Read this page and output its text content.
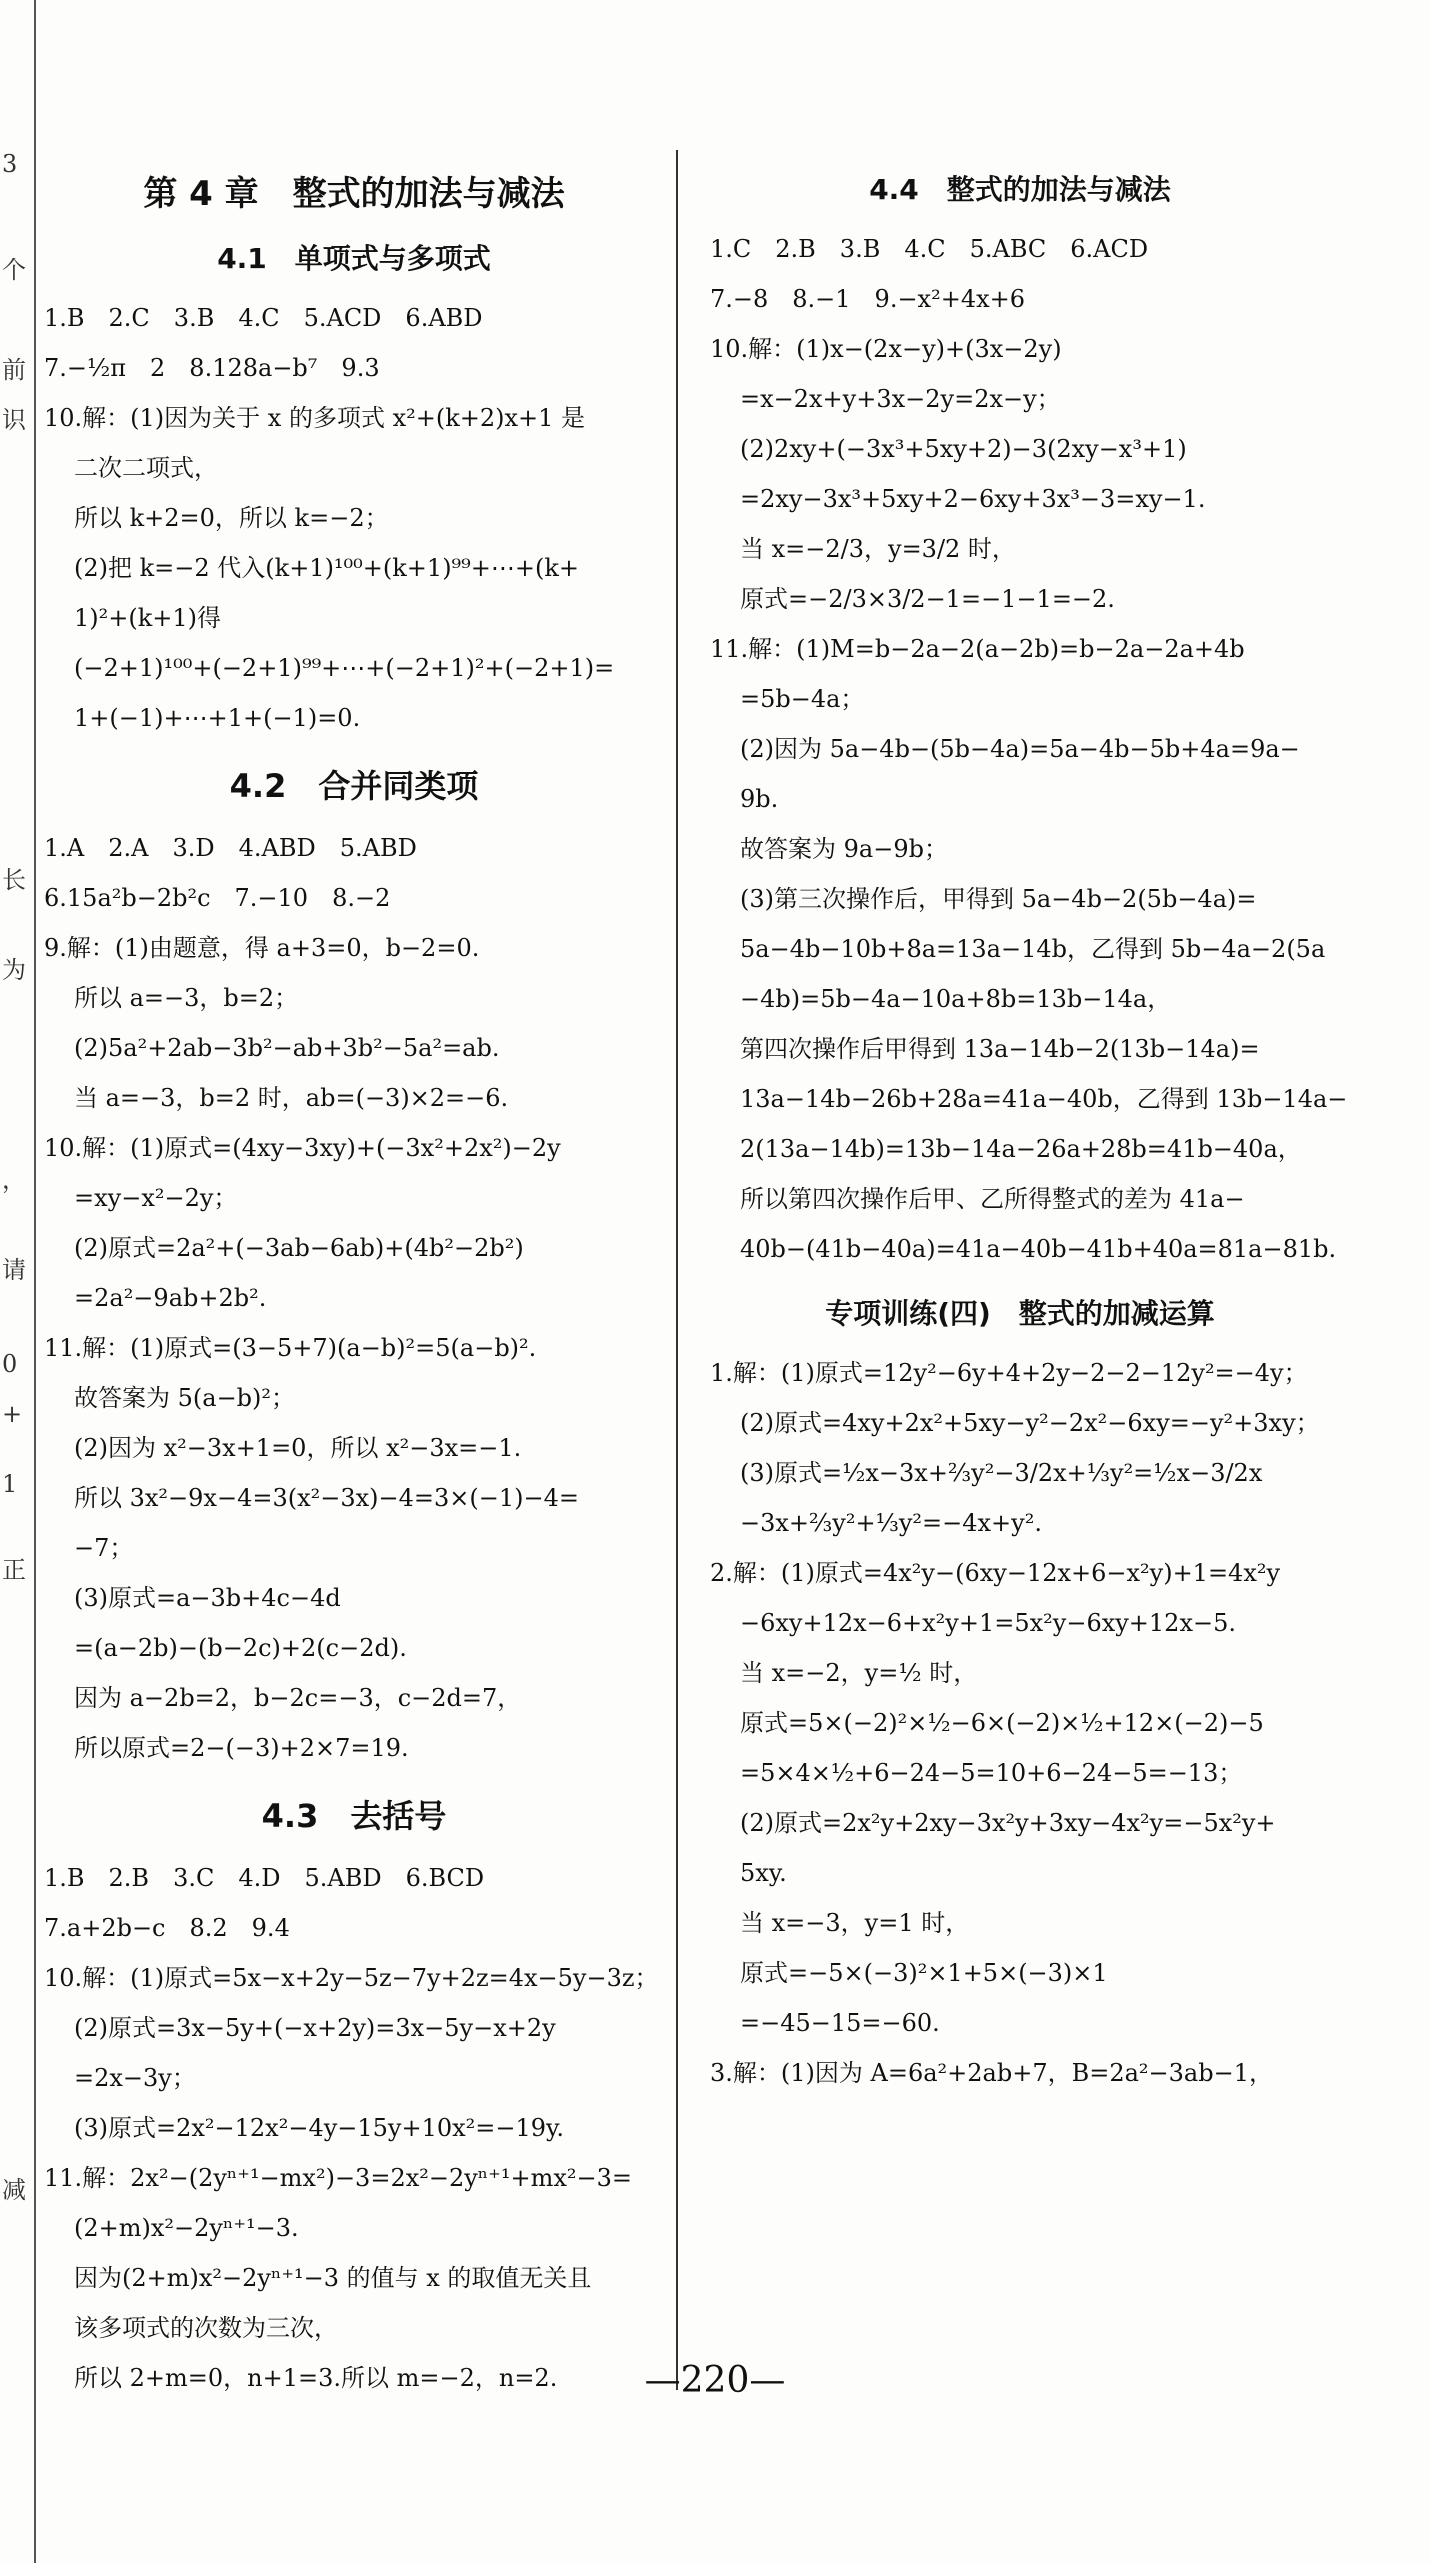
3
个
前
识
长
为
，
请
0
+
1
正
减
第 4 章　整式的加法与减法
4.1　单项式与多项式
1.B　2.C　3.B　4.C　5.ACD　6.ABD
7.−½π　2　8.128a−b⁷　9.3
10.解：(1)因为关于 x 的多项式 x²+(k+2)x+1 是
二次二项式，
所以 k+2=0，所以 k=−2；
(2)把 k=−2 代入(k+1)¹⁰⁰+(k+1)⁹⁹+⋯+(k+
1)²+(k+1)得
(−2+1)¹⁰⁰+(−2+1)⁹⁹+⋯+(−2+1)²+(−2+1)=
1+(−1)+⋯+1+(−1)=0.
4.2　合并同类项
1.A　2.A　3.D　4.ABD　5.ABD
6.15a²b−2b²c　7.−10　8.−2
9.解：(1)由题意，得 a+3=0，b−2=0.
所以 a=−3，b=2；
(2)5a²+2ab−3b²−ab+3b²−5a²=ab.
当 a=−3，b=2 时，ab=(−3)×2=−6.
10.解：(1)原式=(4xy−3xy)+(−3x²+2x²)−2y
=xy−x²−2y；
(2)原式=2a²+(−3ab−6ab)+(4b²−2b²)
=2a²−9ab+2b².
11.解：(1)原式=(3−5+7)(a−b)²=5(a−b)².
故答案为 5(a−b)²；
(2)因为 x²−3x+1=0，所以 x²−3x=−1.
所以 3x²−9x−4=3(x²−3x)−4=3×(−1)−4=
−7；
(3)原式=a−3b+4c−4d
=(a−2b)−(b−2c)+2(c−2d).
因为 a−2b=2，b−2c=−3，c−2d=7，
所以原式=2−(−3)+2×7=19.
4.3　去括号
1.B　2.B　3.C　4.D　5.ABD　6.BCD
7.a+2b−c　8.2　9.4
10.解：(1)原式=5x−x+2y−5z−7y+2z=4x−5y−3z；
(2)原式=3x−5y+(−x+2y)=3x−5y−x+2y
=2x−3y；
(3)原式=2x²−12x²−4y−15y+10x²=−19y.
11.解：2x²−(2yⁿ⁺¹−mx²)−3=2x²−2yⁿ⁺¹+mx²−3=
(2+m)x²−2yⁿ⁺¹−3.
因为(2+m)x²−2yⁿ⁺¹−3 的值与 x 的取值无关且
该多项式的次数为三次，
所以 2+m=0，n+1=3.所以 m=−2，n=2.
4.4　整式的加法与减法
1.C　2.B　3.B　4.C　5.ABC　6.ACD
7.−8　8.−1　9.−x²+4x+6
10.解：(1)x−(2x−y)+(3x−2y)
=x−2x+y+3x−2y=2x−y；
(2)2xy+(−3x³+5xy+2)−3(2xy−x³+1)
=2xy−3x³+5xy+2−6xy+3x³−3=xy−1.
当 x=−2/3，y=3/2 时，
原式=−2/3×3/2−1=−1−1=−2.
11.解：(1)M=b−2a−2(a−2b)=b−2a−2a+4b
=5b−4a；
(2)因为 5a−4b−(5b−4a)=5a−4b−5b+4a=9a−
9b.
故答案为 9a−9b；
(3)第三次操作后，甲得到 5a−4b−2(5b−4a)=
5a−4b−10b+8a=13a−14b，乙得到 5b−4a−2(5a
−4b)=5b−4a−10a+8b=13b−14a，
第四次操作后甲得到 13a−14b−2(13b−14a)=
13a−14b−26b+28a=41a−40b，乙得到 13b−14a−
2(13a−14b)=13b−14a−26a+28b=41b−40a，
所以第四次操作后甲、乙所得整式的差为 41a−
40b−(41b−40a)=41a−40b−41b+40a=81a−81b.
专项训练(四)　整式的加减运算
1.解：(1)原式=12y²−6y+4+2y−2−2−12y²=−4y；
(2)原式=4xy+2x²+5xy−y²−2x²−6xy=−y²+3xy；
(3)原式=½x−3x+⅔y²−3/2x+⅓y²=½x−3/2x
−3x+⅔y²+⅓y²=−4x+y².
2.解：(1)原式=4x²y−(6xy−12x+6−x²y)+1=4x²y
−6xy+12x−6+x²y+1=5x²y−6xy+12x−5.
当 x=−2，y=½ 时，
原式=5×(−2)²×½−6×(−2)×½+12×(−2)−5
=5×4×½+6−24−5=10+6−24−5=−13；
(2)原式=2x²y+2xy−3x²y+3xy−4x²y=−5x²y+
5xy.
当 x=−3，y=1 时，
原式=−5×(−3)²×1+5×(−3)×1
=−45−15=−60.
3.解：(1)因为 A=6a²+2ab+7，B=2a²−3ab−1，
—220—
